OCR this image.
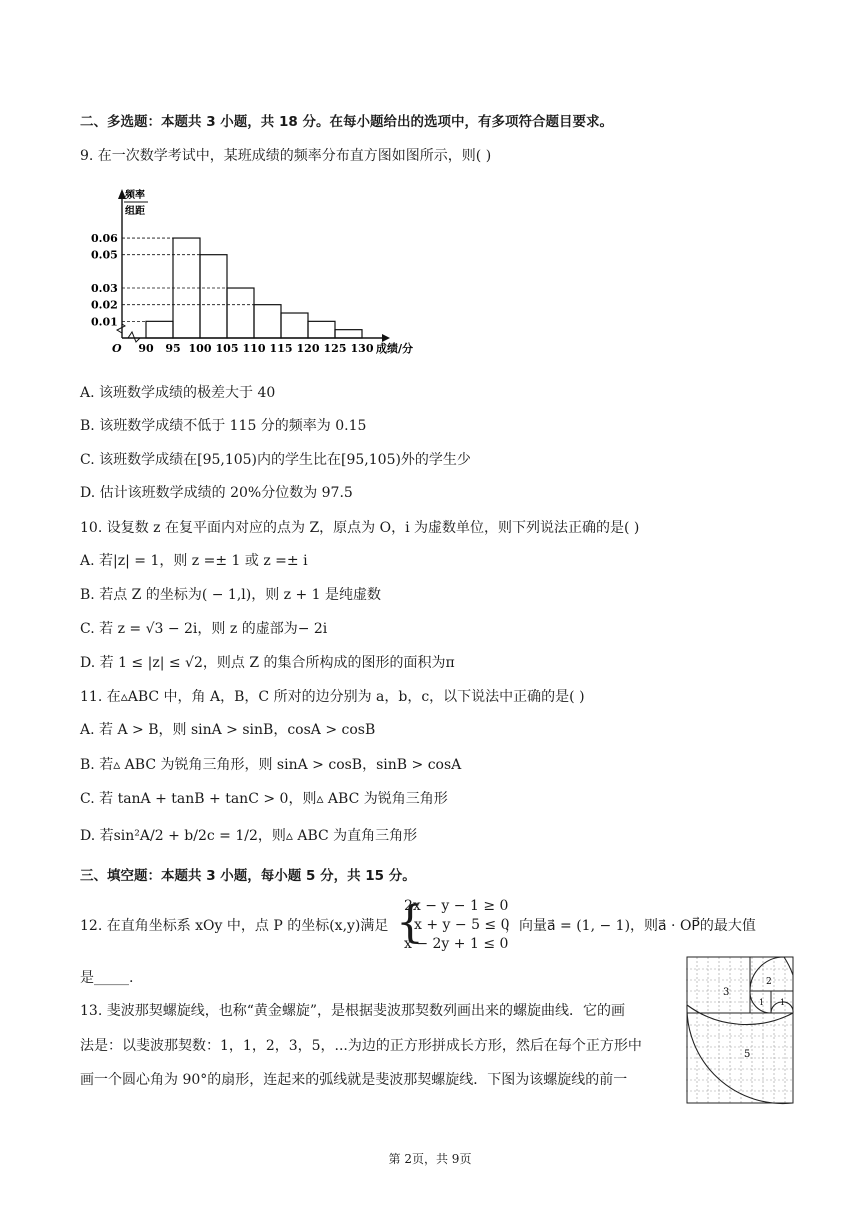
二、多选题：本题共 3 小题，共 18 分。在每小题给出的选项中，有多项符合题目要求。
9. 在一次数学考试中，某班成绩的频率分布直方图如图所示，则( )
0.06
0.05
0.03
0.02
0.01
90 95 100 105 110 115 120 125 130 成绩/分
O
频率
组距
A. 该班数学成绩的极差大于 40
B. 该班数学成绩不低于 115 分的频率为 0.15
C. 该班数学成绩在[95,105)内的学生比在[95,105)外的学生少
D. 估计该班数学成绩的 20%分位数为 97.5
10. 设复数 z 在复平面内对应的点为 Z，原点为 O，i 为虚数单位，则下列说法正确的是( )
A. 若|z| = 1，则 z =± 1 或 z =± i
B. 若点 Z 的坐标为( − 1,l)，则 z + 1 是纯虚数
C. 若 z = √3 − 2i，则 z 的虚部为− 2i
D. 若 1 ≤ |z| ≤ √2，则点 Z 的集合所构成的图形的面积为π
11. 在▵ABC 中，角 A，B，C 所对的边分别为 a，b，c，以下说法中正确的是( )
A. 若 A > B，则 sinA > sinB，cosA > cosB
B. 若▵ ABC 为锐角三角形，则 sinA > cosB，sinB > cosA
C. 若 tanA + tanB + tanC > 0，则▵ ABC 为锐角三角形
D. 若sin²A/2 + b/2c = 1/2，则▵ ABC 为直角三角形
三、填空题：本题共 3 小题，每小题 5 分，共 15 分。
12. 在直角坐标系 xOy 中，点 P 的坐标(x,y)满足 {
2x − y − 1 ≥ 0
x + y − 5 ≤ 0
x − 2y + 1 ≤ 0
，向量a⃗ = (1, − 1)，则a⃗ · OP⃗的最大值
是_____.
13. 斐波那契螺旋线，也称“黄金螺旋”，是根据斐波那契数列画出来的螺旋曲线．它的画
法是：以斐波那契数：1，1，2，3，5，...为边的正方形拼成长方形，然后在每个正方形中
画一个圆心角为 90°的扇形，连起来的弧线就是斐波那契螺旋线．下图为该螺旋线的前一
3
2
1 1
5
第 2页，共 9页
